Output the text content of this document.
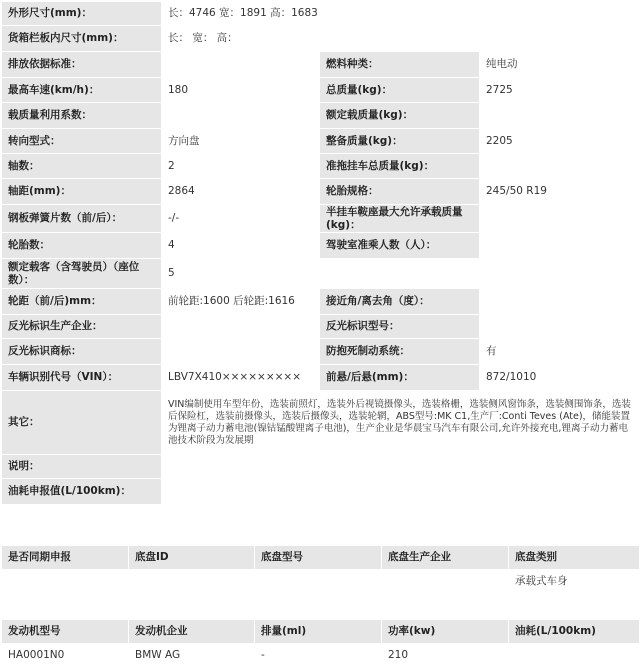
外形尺寸(mm)：	长：4746 宽：1891 高：1683		
货箱栏板内尺寸(mm)：	长： 宽： 高：		
排放依据标准：		燃料种类：	纯电动
最高车速(km/h)：	180	总质量(kg)：	2725
载质量利用系数：		额定载质量(kg)：	
转向型式：	方向盘	整备质量(kg)：	2205
轴数：	2	准拖挂车总质量(kg)：	
轴距(mm)：	2864	轮胎规格：	245/50 R19
钢板弹簧片数（前/后）：	-/-	半挂车鞍座最大允许承载质量(kg)：	
轮胎数：	4	驾驶室准乘人数（人）：	
额定载客（含驾驶员）（座位数）：	5		
轮距（前/后)mm：	前轮距:1600 后轮距:1616	接近角/离去角（度）：	
反光标识生产企业：		反光标识型号：	
反光标识商标：		防抱死制动系统：	有
车辆识别代号（VIN）：	LBV7X410×××××××××	前悬/后悬(mm)：	872/1010
其它：	VIN编制使用车型年份，选装前照灯，选装外后视镜摄像头，选装格栅，选装侧风窗饰条，选装侧围饰条，选装后保险杠，选装前摄像头，选装后摄像头，选装轮辋，ABS型号:MK C1,生产厂:Conti Teves (Ate)，储能装置为锂离子动力蓄电池(镍钴锰酸锂离子电池)，生产企业是华晨宝马汽车有限公司,允许外接充电,锂离子动力蓄电池技术阶段为发展期		
说明：			
油耗申报值(L/100km)：			
是否同期申报	底盘ID	底盘型号	底盘生产企业	底盘类别
				承载式车身
发动机型号	发动机企业	排量(ml)	功率(kw)	油耗(L/100km)
HA0001N0	BMW AG	-	210	
